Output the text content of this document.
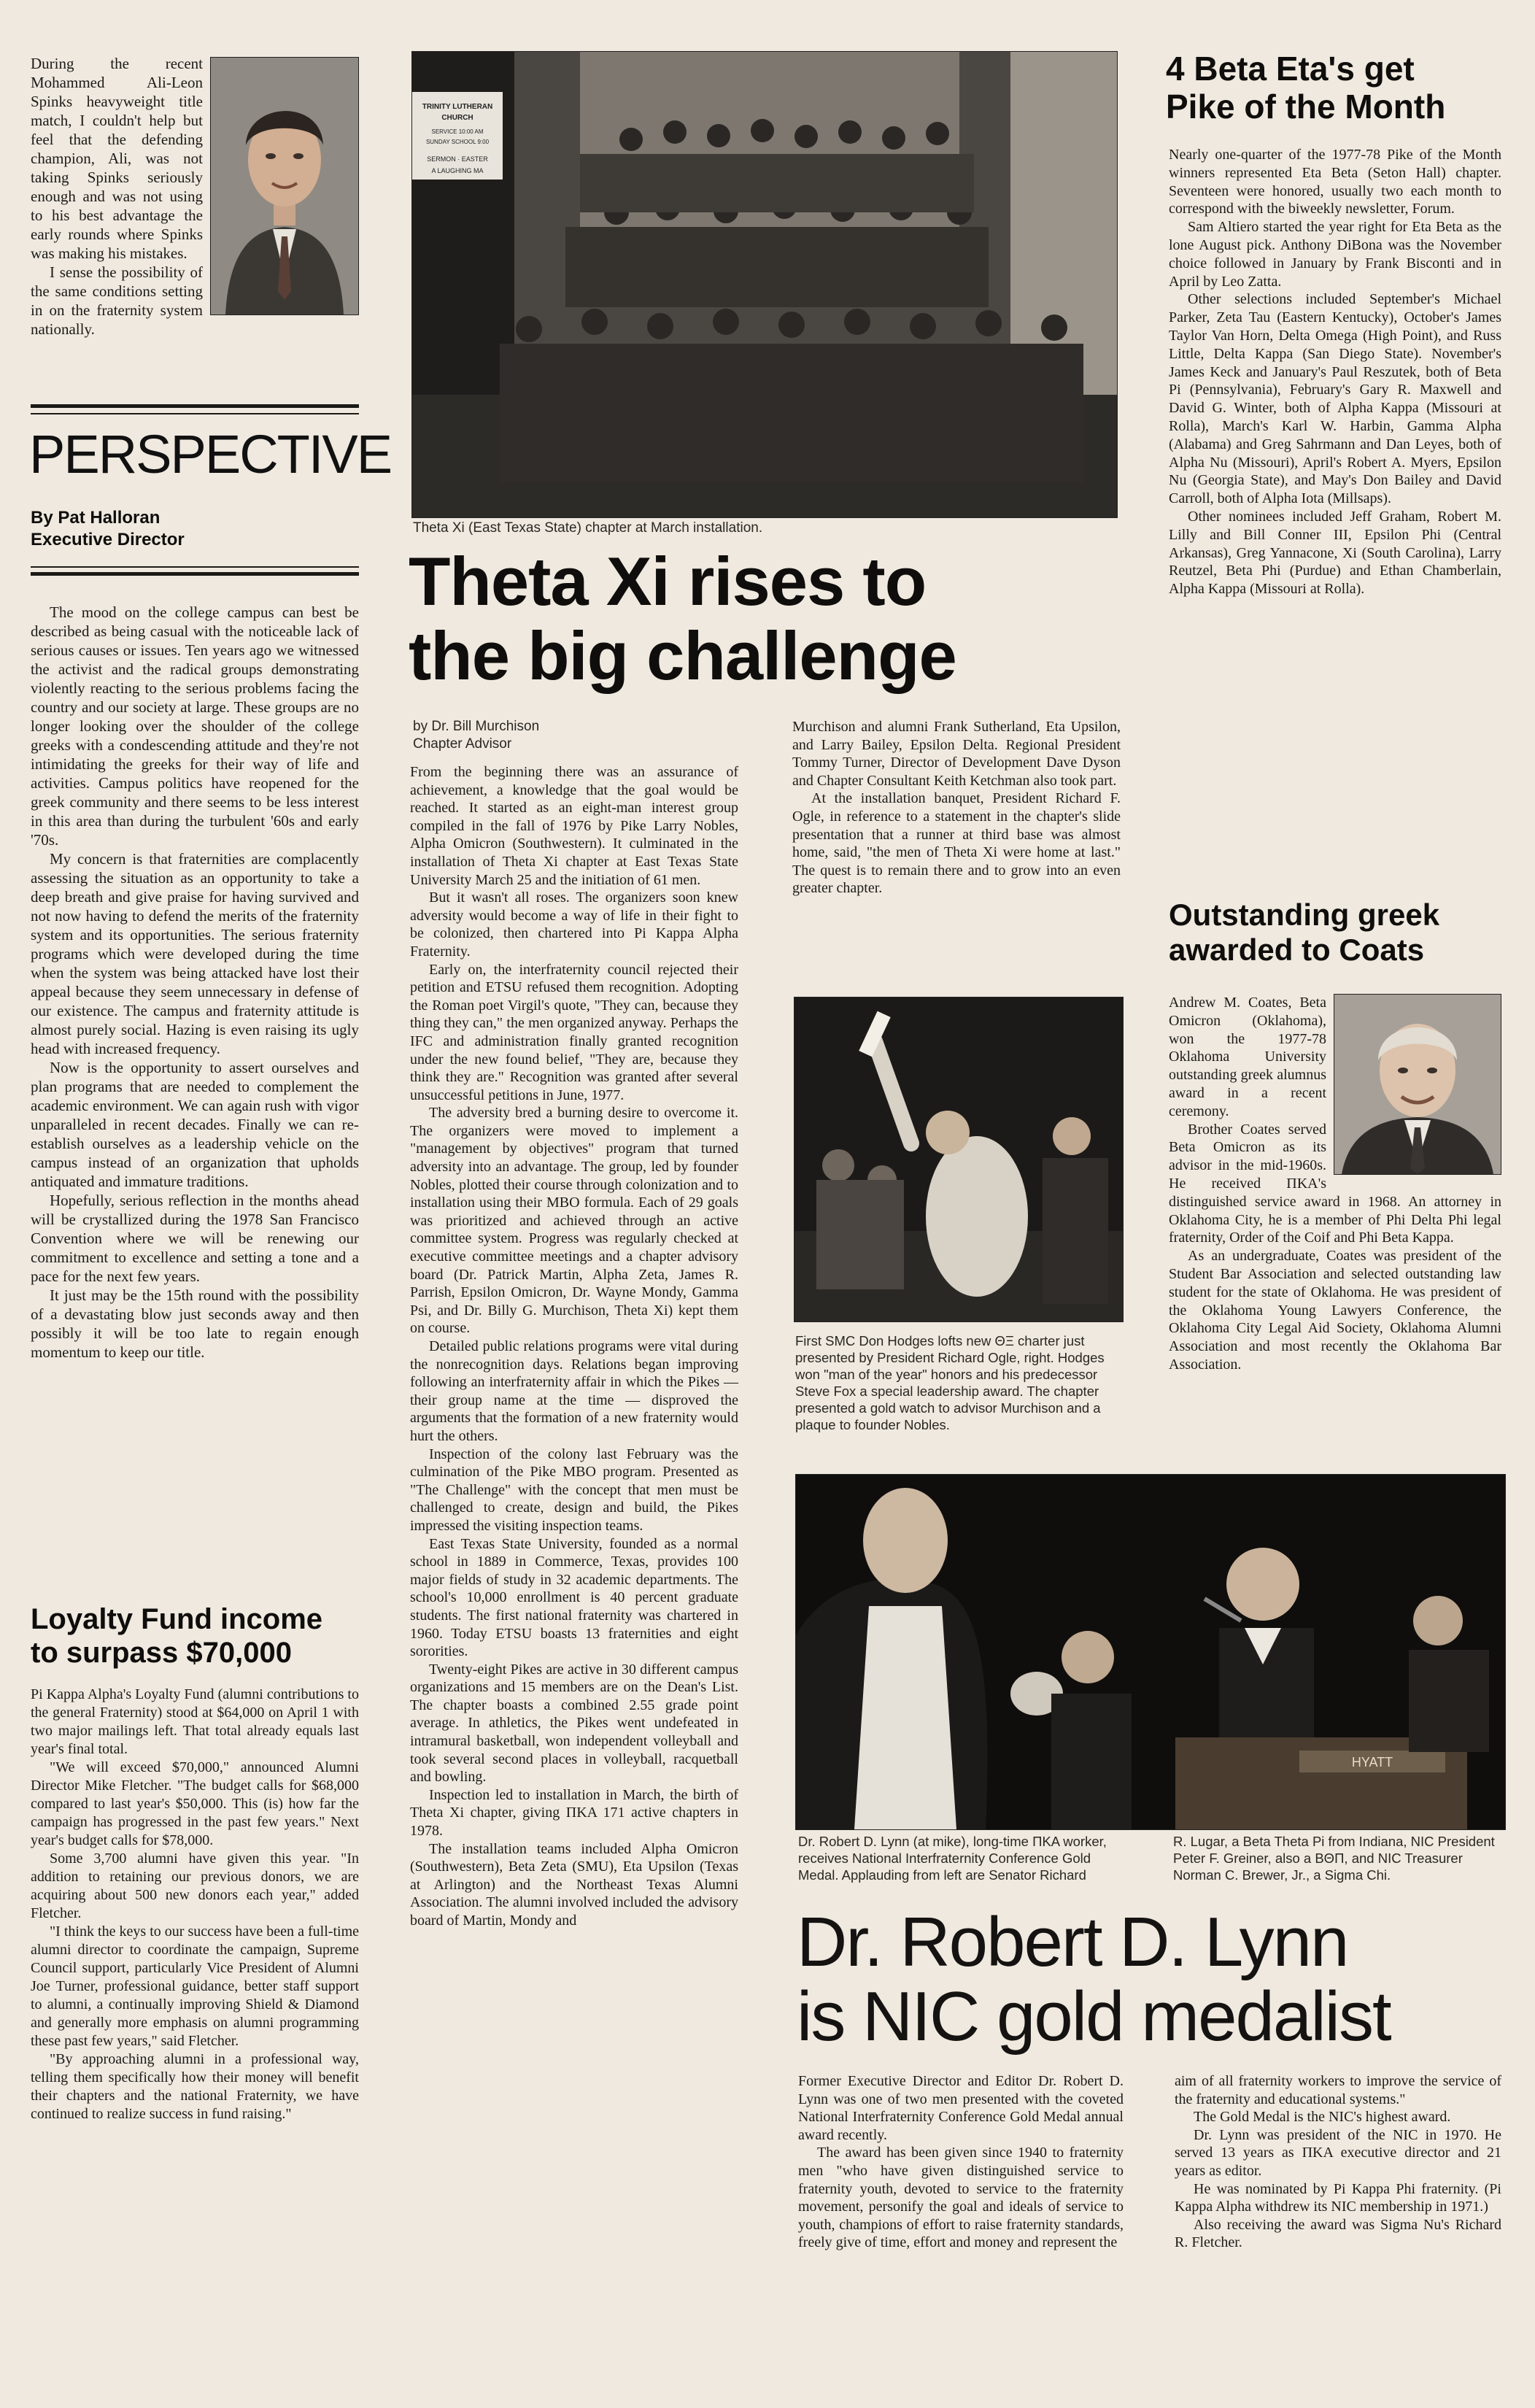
During the recent Mohammed Ali-Leon Spinks heavyweight title match, I couldn't help but feel that the defending champion, Ali, was not taking Spinks seriously enough and was not using to his best advantage the early rounds where Spinks was making his mistakes.

I sense the possibility of the same conditions setting in on the fraternity system nationally.

PERSPECTIVE
By Pat Halloran
Executive Director

The mood on the college campus can best be described as being casual with the noticeable lack of serious causes or issues. Ten years ago we witnessed the activist and the radical groups demonstrating violently reacting to the serious problems facing the country and our society at large. These groups are no longer looking over the shoulder of the college greeks with a condescending attitude and they're not intimidating the greeks for their way of life and activities. Campus politics have reopened for the greek community and there seems to be less interest in this area than during the turbulent '60s and early '70s.

My concern is that fraternities are complacently assessing the situation as an opportunity to take a deep breath and give praise for having survived and not now having to defend the merits of the fraternity system and its opportunities. The serious fraternity programs which were developed during the time when the system was being attacked have lost their appeal because they seem unnecessary in defense of our existence. The campus and fraternity attitude is almost purely social. Hazing is even raising its ugly head with increased frequency.

Now is the opportunity to assert ourselves and plan programs that are needed to complement the academic environment. We can again rush with vigor unparalleled in recent decades. Finally we can re-establish ourselves as a leadership vehicle on the campus instead of an organization that upholds antiquated and immature traditions.

Hopefully, serious reflection in the months ahead will be crystallized during the 1978 San Francisco Convention where we will be renewing our commitment to excellence and setting a tone and a pace for the next few years.

It just may be the 15th round with the possibility of a devastating blow just seconds away and then possibly it will be too late to regain enough momentum to keep our title.

Loyalty Fund income
to surpass $70,000

Pi Kappa Alpha's Loyalty Fund (alumni contributions to the general Fraternity) stood at $64,000 on April 1 with two major mailings left. That total already equals last year's final total.

"We will exceed $70,000," announced Alumni Director Mike Fletcher. "The budget calls for $68,000 compared to last year's $50,000. This (is) how far the campaign has progressed in the past few years." Next year's budget calls for $78,000.

Some 3,700 alumni have given this year. "In addition to retaining our previous donors, we are acquiring about 500 new donors each year," added Fletcher.

"I think the keys to our success have been a full-time alumni director to coordinate the campaign, Supreme Council support, particularly Vice President of Alumni Joe Turner, professional guidance, better staff support to alumni, a continually improving Shield & Diamond and generally more emphasis on alumni programming these past few years," said Fletcher.

"By approaching alumni in a professional way, telling them specifically how their money will benefit their chapters and the national Fraternity, we have continued to realize success in fund raising."

TRINITY LUTHERAN
CHURCH
SERVICE 10:00 AM
SUNDAY SCHOOL 9:00
SERMON · EASTER
A LAUGHING MA
Theta Xi (East Texas State) chapter at March installation.
Theta Xi rises to
the big challenge
by Dr. Bill Murchison
Chapter Advisor

From the beginning there was an assurance of achievement, a knowledge that the goal would be reached. It started as an eight-man interest group compiled in the fall of 1976 by Pike Larry Nobles, Alpha Omicron (Southwestern). It culminated in the installation of Theta Xi chapter at East Texas State University March 25 and the initiation of 61 men.

But it wasn't all roses. The organizers soon knew adversity would become a way of life in their fight to be colonized, then chartered into Pi Kappa Alpha Fraternity.

Early on, the interfraternity council rejected their petition and ETSU refused them recognition. Adopting the Roman poet Virgil's quote, "They can, because they thing they can," the men organized anyway. Perhaps the IFC and administration finally granted recognition under the new found belief, "They are, because they think they are." Recognition was granted after several unsuccessful petitions in June, 1977.

The adversity bred a burning desire to overcome it. The organizers were moved to implement a "management by objectives" program that turned adversity into an advantage. The group, led by founder Nobles, plotted their course through colonization and to installation using their MBO formula. Each of 29 goals was prioritized and achieved through an active committee system. Progress was regularly checked at executive committee meetings and a chapter advisory board (Dr. Patrick Martin, Alpha Zeta, James R. Parrish, Epsilon Omicron, Dr. Wayne Mondy, Gamma Psi, and Dr. Billy G. Murchison, Theta Xi) kept them on course.

Detailed public relations programs were vital during the nonrecognition days. Relations began improving following an interfraternity affair in which the Pikes — their group name at the time — disproved the arguments that the formation of a new fraternity would hurt the others.

Inspection of the colony last February was the culmination of the Pike MBO program. Presented as "The Challenge" with the concept that men must be challenged to create, design and build, the Pikes impressed the visiting inspection teams.

East Texas State University, founded as a normal school in 1889 in Commerce, Texas, provides 100 major fields of study in 32 academic departments. The school's 10,000 enrollment is 40 percent graduate students. The first national fraternity was chartered in 1960. Today ETSU boasts 13 fraternities and eight sororities.

Twenty-eight Pikes are active in 30 different campus organizations and 15 members are on the Dean's List. The chapter boasts a combined 2.55 grade point average. In athletics, the Pikes went undefeated in intramural basketball, won independent volleyball and took several second places in volleyball, racquetball and bowling.

Inspection led to installation in March, the birth of Theta Xi chapter, giving ΠKA 171 active chapters in 1978.

The installation teams included Alpha Omicron (Southwestern), Beta Zeta (SMU), Eta Upsilon (Texas at Arlington) and the Northeast Texas Alumni Association. The alumni involved included the advisory board of Martin, Mondy and

Murchison and alumni Frank Sutherland, Eta Upsilon, and Larry Bailey, Epsilon Delta. Regional President Tommy Turner, Director of Development Dave Dyson and Chapter Consultant Keith Ketchman also took part.

At the installation banquet, President Richard F. Ogle, in reference to a statement in the chapter's slide presentation that a runner at third base was almost home, said, "the men of Theta Xi were home at last." The quest is to remain there and to grow into an even greater chapter.

First SMC Don Hodges lofts new ΘΞ charter just presented by President Richard Ogle, right. Hodges won "man of the year" honors and his predecessor Steve Fox a special leadership award. The chapter presented a gold watch to advisor Murchison and a plaque to founder Nobles.
4 Beta Eta's get
Pike of the Month

Nearly one-quarter of the 1977-78 Pike of the Month winners represented Eta Beta (Seton Hall) chapter. Seventeen were honored, usually two each month to correspond with the biweekly newsletter, Forum.

Sam Altiero started the year right for Eta Beta as the lone August pick. Anthony DiBona was the November choice followed in January by Frank Bisconti and in April by Leo Zatta.

Other selections included September's Michael Parker, Zeta Tau (Eastern Kentucky), October's James Taylor Van Horn, Delta Omega (High Point), and Russ Little, Delta Kappa (San Diego State). November's James Keck and January's Paul Reszutek, both of Beta Pi (Pennsylvania), February's Gary R. Maxwell and David G. Winter, both of Alpha Kappa (Missouri at Rolla), March's Karl W. Harbin, Gamma Alpha (Alabama) and Greg Sahrmann and Dan Leyes, both of Alpha Nu (Missouri), April's Robert A. Myers, Epsilon Nu (Georgia State), and May's Don Bailey and David Carroll, both of Alpha Iota (Millsaps).

Other nominees included Jeff Graham, Robert M. Lilly and Bill Conner III, Epsilon Phi (Central Arkansas), Greg Yannacone, Xi (South Carolina), Larry Reutzel, Beta Phi (Purdue) and Ethan Chamberlain, Alpha Kappa (Missouri at Rolla).

Outstanding greek
awarded to Coats

Andrew M. Coates, Beta Omicron (Oklahoma), won the 1977-78 Oklahoma University outstanding greek alumnus award in a recent ceremony.

Brother Coates served Beta Omicron as its advisor in the mid-1960s. He received ΠKA's distinguished service award in 1968. An attorney in Oklahoma City, he is a member of Phi Delta Phi legal fraternity, Order of the Coif and Phi Beta Kappa.

As an undergraduate, Coates was president of the Student Bar Association and selected outstanding law student for the state of Oklahoma. He was president of the Oklahoma Young Lawyers Conference, the Oklahoma City Legal Aid Society, Oklahoma Alumni Association and most recently the Oklahoma Bar Association.

HYATT
Dr. Robert D. Lynn (at mike), long-time ΠKA worker, receives National Interfraternity Conference Gold Medal. Applauding from left are Senator Richard
R. Lugar, a Beta Theta Pi from Indiana, NIC President Peter F. Greiner, also a BΘΠ, and NIC Treasurer Norman C. Brewer, Jr., a Sigma Chi.
Dr. Robert D. Lynn
is NIC gold medalist

Former Executive Director and Editor Dr. Robert D. Lynn was one of two men presented with the coveted National Interfraternity Conference Gold Medal annual award recently.

The award has been given since 1940 to fraternity men "who have given distinguished service to fraternity youth, devoted to service to the fraternity movement, personify the goal and ideals of service to youth, champions of effort to raise fraternity standards, freely give of time, effort and money and represent the

aim of all fraternity workers to improve the service of the fraternity and educational systems."

The Gold Medal is the NIC's highest award.

Dr. Lynn was president of the NIC in 1970. He served 13 years as ΠKA executive director and 21 years as editor.

He was nominated by Pi Kappa Phi fraternity. (Pi Kappa Alpha withdrew its NIC membership in 1971.)

Also receiving the award was Sigma Nu's Richard R. Fletcher.
